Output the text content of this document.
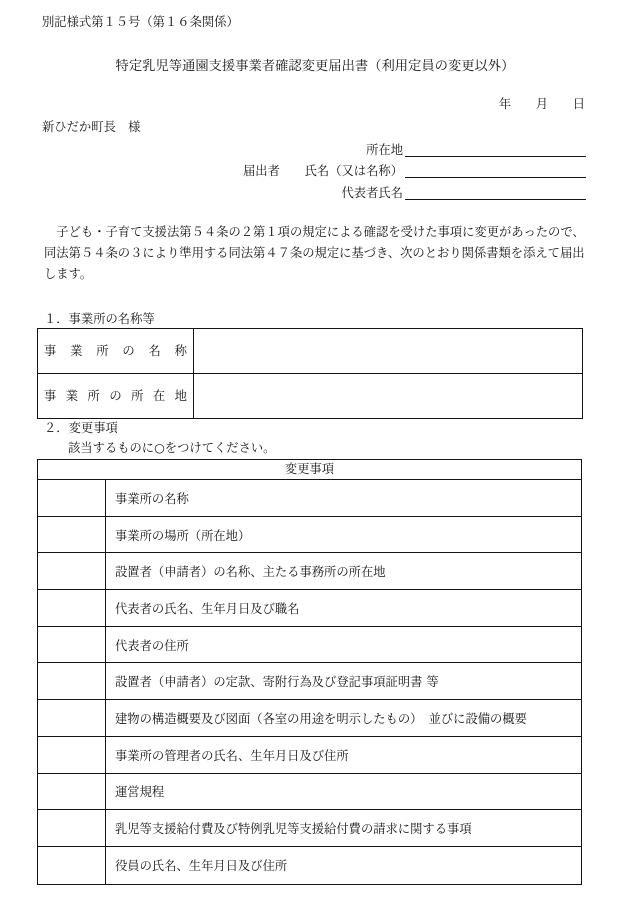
別記様式第１５号（第１６条関係）
特定乳児等通園支援事業者確認変更届出書（利用定員の変更以外）
年　　月　　日
新ひだか町長　様
所在地
届出者 氏名（又は名称）
代表者氏名
子ども・子育て支援法第５４条の２第１項の規定による確認を受けた事項に変更があったので、
同法第５４条の３により準用する同法第４７条の規定に基づき、次のとおり関係書類を添えて届出
します。
１．事業所の名称等
事業所の名称
事業所の所在地
２．変更事項
該当するものに○をつけてください。
変更事項
事業所の名称
事業所の場所（所在地）
設置者（申請者）の名称、主たる事務所の所在地
代表者の氏名、生年月日及び職名
代表者の住所
設置者（申請者）の定款、寄附行為及び登記事項証明書 等
建物の構造概要及び図面（各室の用途を明示したもの）　並びに設備の概要
事業所の管理者の氏名、生年月日及び住所
運営規程
乳児等支援給付費及び特例乳児等支援給付費の請求に関する事項
役員の氏名、生年月日及び住所
